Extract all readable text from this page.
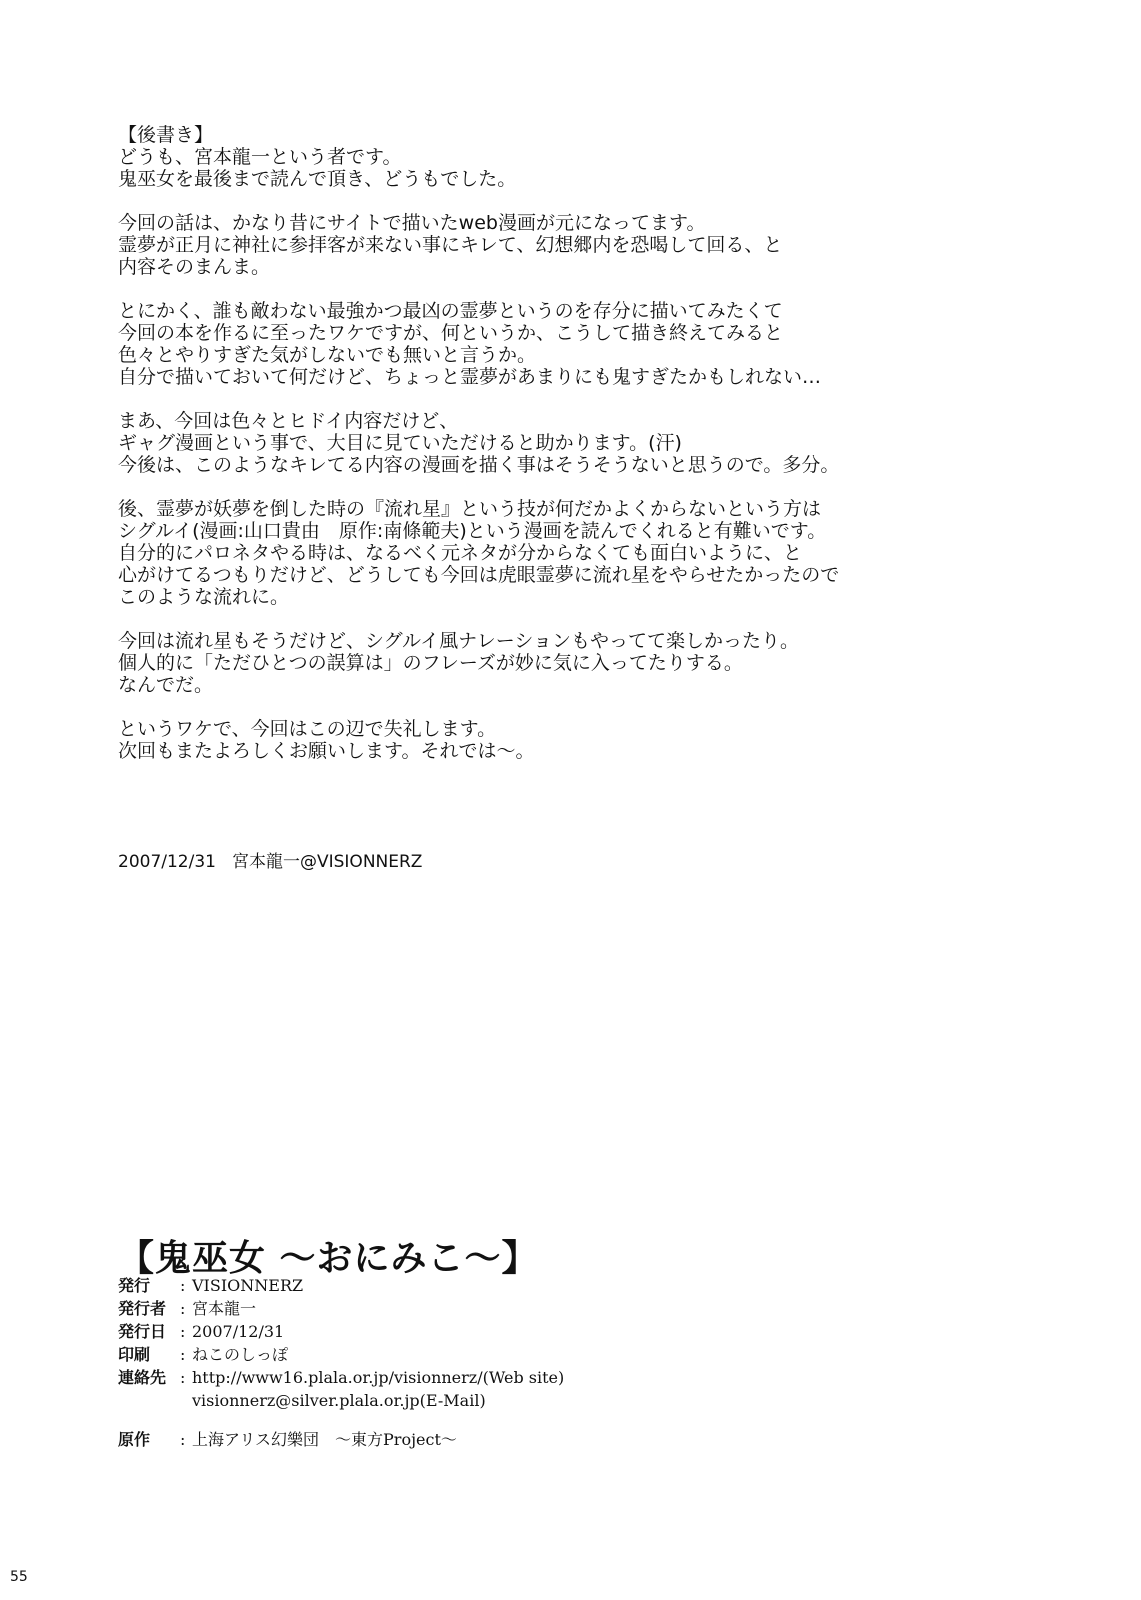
【後書き】
どうも、宮本龍一という者です。
鬼巫女を最後まで読んで頂き、どうもでした。
今回の話は、かなり昔にサイトで描いたweb漫画が元になってます。
霊夢が正月に神社に参拝客が来ない事にキレて、幻想郷内を恐喝して回る、と
内容そのまんま。
とにかく、誰も敵わない最強かつ最凶の霊夢というのを存分に描いてみたくて
今回の本を作るに至ったワケですが、何というか、こうして描き終えてみると
色々とやりすぎた気がしないでも無いと言うか。
自分で描いておいて何だけど、ちょっと霊夢があまりにも鬼すぎたかもしれない…
まあ、今回は色々とヒドイ内容だけど、
ギャグ漫画という事で、大目に見ていただけると助かります。(汗)
今後は、このようなキレてる内容の漫画を描く事はそうそうないと思うので。多分。
後、霊夢が妖夢を倒した時の『流れ星』という技が何だかよくからないという方は
シグルイ(漫画:山口貴由　原作:南條範夫)という漫画を読んでくれると有難いです。
自分的にパロネタやる時は、なるべく元ネタが分からなくても面白いように、と
心がけてるつもりだけど、どうしても今回は虎眼霊夢に流れ星をやらせたかったので
このような流れに。
今回は流れ星もそうだけど、シグルイ風ナレーションもやってて楽しかったり。
個人的に「ただひとつの誤算は」のフレーズが妙に気に入ってたりする。
なんでだ。
というワケで、今回はこの辺で失礼します。
次回もまたよろしくお願いします。それでは～。
2007/12/31 宮本龍一@VISIONNERZ
【鬼巫女 ～おにみこ～】
発行	: VISIONNERZ
発行者 : 宮本龍一
発行日 : 2007/12/31
印刷	: ねこのしっぽ
連絡先 : http://www16.plala.or.jp/visionnerz/(Web site)
visionnerz@silver.plala.or.jp(E-Mail)
原作	: 上海アリス幻樂団　～東方Project～
55
